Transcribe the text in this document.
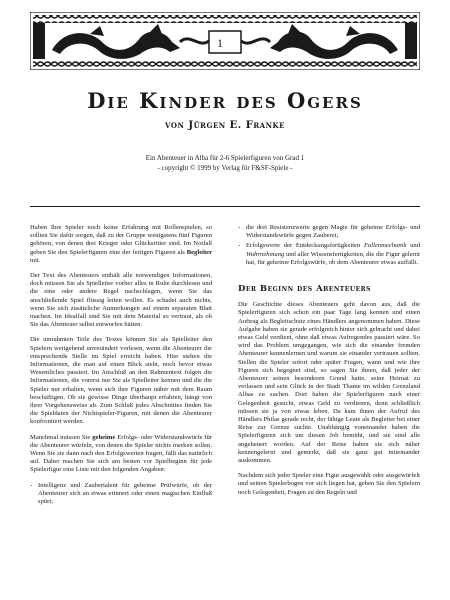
1
Die Kinder des Ogers
von Jürgen E. Franke
Ein Abenteuer in Alba für 2-6 Spielerfiguren von Grad 1
- copyright © 1999 by Verlag für F&SF-Spiele -

Haben Ihre Spieler noch keine Erfahrung mit Rollenspielen, so sollten Sie dafür sorgen, daß zu der Gruppe wenigstens fünf Figuren gehören, von denen drei Krieger oder Glücksritter sind. Im Notfall geben Sie den Spielerfiguren eine der fertigen Figuren als Begleiter mit.

Der Text des Abenteuers enthält alle notwendigen Informationen, doch müssen Sie als Spielleiter vorher alles in Ruhe durchlesen und die eine oder andere Regel nachschlagen, wenn Sie das anschließende Spiel flüssig leiten wollen. Es schadet auch nichts, wenn Sie sich zusätzliche Anmerkungen auf einem separaten Blatt machen. Im Idealfall sind Sie mit dem Material so vertraut, als ob Sie das Abenteuer selbst entworfen hätten.

Die umrahmten Teile des Textes können Sie als Spielleiter den Spielern weitgehend unverändert vorlesen, wenn die Abenteurer die entsprechende Stelle im Spiel erreicht haben. Hier stehen die Informationen, die man auf einen Blick sieht, noch bevor etwas Wesentliches passiert. Im Anschluß an den Rahmentext folgen die Informationen, die vorerst nur Sie als Spielleiter kennen und die die Spieler nur erhalten, wenn sich ihre Figuren näher mit dem Raum beschäftigen. Ob sie gewisse Dinge überhaupt erfahren, hängt von ihrer Vorgehensweise ab. Zum Schluß jedes Abschnittes finden Sie die Spieldaten der Nichtspieler-Figuren, mit denen die Abenteurer konfrontiert werden.

Manchmal müssen Sie geheime Erfolgs- oder Widerstandswürfe für die Abenteurer würfeln, von denen die Spieler nichts merken sollen. Wenn Sie sie dann nach den Erfolgswerten fragen, fällt das natürlich auf. Daher machen Sie sich am besten vor Spielbeginn für jede Spielerfigur eine Liste mit den folgenden Angaben:

- Intelligenz und Zaubertalent für geheime Prüfwürfe, ob der Abenteurer sich an etwas erinnert oder einen magischen Einfluß spürt;
- die drei Resistenzwerte gegen Magie für geheime Erfolgs- und Widerstandswürfe gegen Zauberei;
- Erfolgswerte der Entdeckungsfertigkeiten Fallenmechanik und Wahrnehmung und aller Wissensfertigkeiten, die die Figur gelernt hat, für geheime Erfolgswürfe, ob dem Abenteurer etwas auffällt.
Der Beginn des Abenteuers

Die Geschichte dieses Abenteuers geht davon aus, daß die Spielerfiguren sich schon ein paar Tage lang kennen und einen Auftrag als Begleitschutz eines Händlers angenommen haben. Diese Aufgabe haben sie gerade erfolgreich hinter sich gebracht und dabei etwas Geld verdient, ohne daß etwas Aufregendes passiert wäre. So wird das Problem umgegangen, wie sich die einander fremden Abenteurer kennenlernen und warum sie einander vertrauen sollten. Stellen die Spieler sofort oder später Fragen, wann und wie ihre Figuren sich begegnet sind, so sagen Sie ihnen, daß jeder der Abenteurer seinen besonderen Grund hatte, seine Heimat zu verlassen und sein Glück in der Stadt Thame im wilden Grenzland Albas zu suchen. Dort haben die Spielerfiguren nach einer Gelegenheit gesucht, etwas Geld zu verdienen, denn schließlich müssen sie ja von etwas leben. Da kam ihnen der Aufruf des Händlers Philas gerade recht, der fähige Leute als Begleiter bei einer Reise zur Grenze suchte. Unabhängig voneinander haben die Spielerfiguren sich um diesen Job bemüht, und sie sind alle angeheuert worden. Auf der Reise haben sie sich näher kennengelernt und gemerkt, daß sie ganz gut miteinander auskommen.

Nachdem sich jeder Spieler eine Figur ausgewählt oder ausgewürfelt und seinen Spielerbogen vor sich liegen hat, geben Sie den Spielern noch Gelegenheit, Fragen zu den Regeln und
